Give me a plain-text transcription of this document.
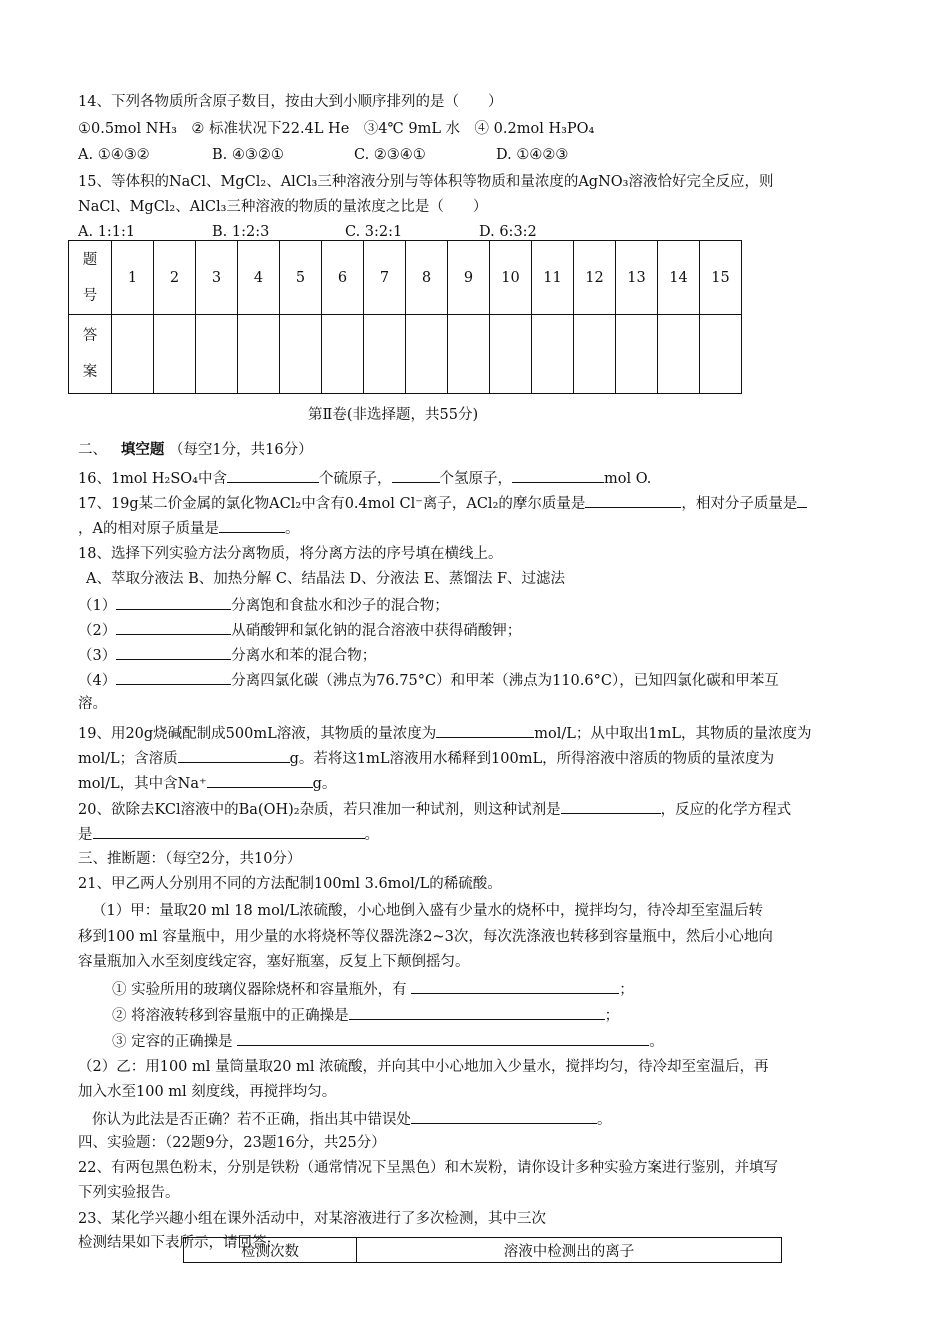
14、下列各物质所含原子数目，按由大到小顺序排列的是（　　）
①0.5mol NH₃　② 标准状况下22.4L He　③4℃ 9mL 水　④ 0.2mol H₃PO₄
A. ①④③②	B. ④③②①	C. ②③④①	D. ①④②③
15、等体积的NaCl、MgCl₂、AlCl₃三种溶液分别与等体积等物质和量浓度的AgNO₃溶液恰好完全反应，则
NaCl、MgCl₂、AlCl₃三种溶液的物质的量浓度之比是（　　）
A. 1:1:1	B. 1:2:3	C. 3:2:1	D. 6:3:2
题
号	1	2	3	4	5	6	7	8	9	10	11	12	13	14	15
答
案															
第Ⅱ卷(非选择题，共55分)
二、 填空题 （每空1分，共16分）
16、1mol H₂SO₄中含	个硫原子，	个氢原子，	mol O.
17、19g某二价金属的氯化物ACl₂中含有0.4mol Cl⁻离子，ACl₂的摩尔质量是	，相对分子质量是
，A的相对原子质量是	。
18、选择下列实验方法分离物质，将分离方法的序号填在横线上。
A、萃取分液法 B、加热分解 C、结晶法 D、分液法 E、蒸馏法 F、过滤法
（1）	分离饱和食盐水和沙子的混合物；
（2）	从硝酸钾和氯化钠的混合溶液中获得硝酸钾；
（3）	分离水和苯的混合物；
（4）	分离四氯化碳（沸点为76.75°C）和甲苯（沸点为110.6°C），已知四氯化碳和甲苯互
溶。
19、用20g烧碱配制成500mL溶液，其物质的量浓度为	mol/L；从中取出1mL，其物质的量浓度为
mol/L；含溶质	g。若将这1mL溶液用水稀释到100mL，所得溶液中溶质的物质的量浓度为
mol/L，其中含Na⁺	g。
20、欲除去KCl溶液中的Ba(OH)₂杂质，若只准加一种试剂，则这种试剂是	，反应的化学方程式
是	。
三、推断题：（每空2分，共10分）
21、甲乙两人分别用不同的方法配制100ml 3.6mol/L的稀硫酸。
（1）甲：量取20 ml 18 mol/L浓硫酸，小心地倒入盛有少量水的烧杯中，搅拌均匀，待冷却至室温后转
移到100 ml 容量瓶中，用少量的水将烧杯等仪器洗涤2~3次，每次洗涤液也转移到容量瓶中，然后小心地向
容量瓶加入水至刻度线定容，塞好瓶塞，反复上下颠倒摇匀。
① 实验所用的玻璃仪器除烧杯和容量瓶外，有	；
② 将溶液转移到容量瓶中的正确操是	；
③ 定容的正确操是	。
（2）乙：用100 ml 量筒量取20 ml 浓硫酸，并向其中小心地加入少量水，搅拌均匀，待冷却至室温后，再
加入水至100 ml 刻度线，再搅拌均匀。
你认为此法是否正确？若不正确，指出其中错误处	。
四、实验题：（22题9分，23题16分，共25分）
22、有两包黑色粉末，分别是铁粉（通常情况下呈黑色）和木炭粉，请你设计多种实验方案进行鉴别，并填写
下列实验报告。
23、某化学兴趣小组在课外活动中，对某溶液进行了多次检测，其中三次
检测结果如下表所示，请回答:
检测次数	溶液中检测出的离子
